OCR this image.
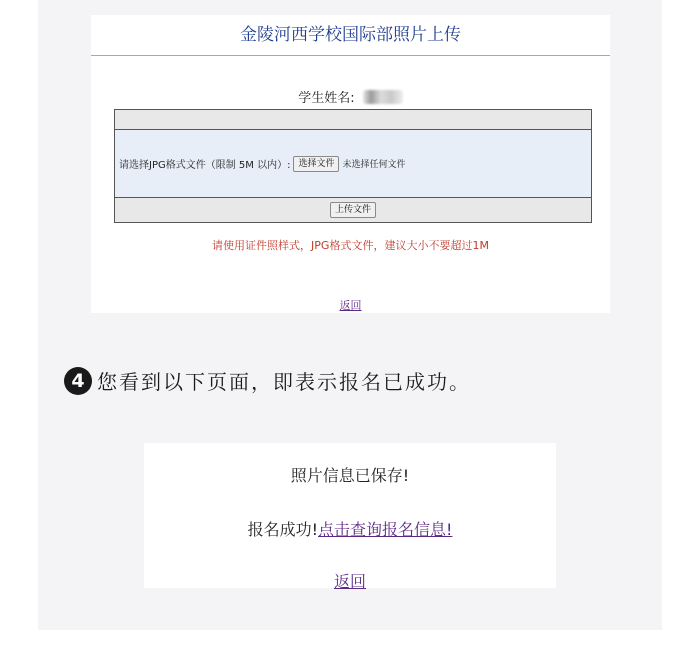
金陵河西学校国际部照片上传
学生姓名:
请选择JPG格式文件（限制 5M 以内）: 选择文件 未选择任何文件
上传文件
请使用证件照样式，JPG格式文件，建议大小不要超过1M
返回
4 您看到以下页面，即表示报名已成功。
照片信息已保存!
报名成功!点击查询报名信息!
返回
